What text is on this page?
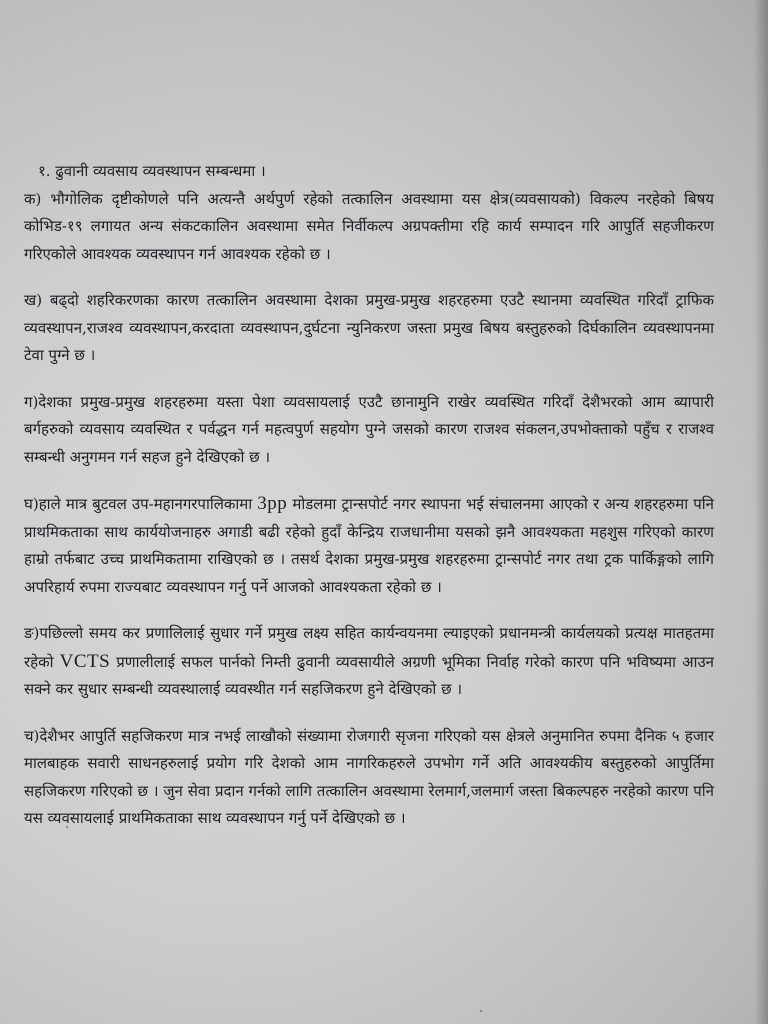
१. ढुवानी व्यवसाय व्यवस्थापन सम्बन्धमा ।

क) भौगोलिक दृष्टीकोणले पनि अत्यन्तै अर्थपुर्ण रहेको तत्कालिन अवस्थामा यस क्षेत्र(व्यवसायको) विकल्प नरहेको बिषय कोभिड-१९ लगायत अन्य संकटकालिन अवस्थामा समेत निर्वीकल्प अग्रपक्तीमा रहि कार्य सम्पादन गरि आपुर्ति सहजीकरण गरिएकोले आवश्यक व्यवस्थापन गर्न आवश्यक रहेको छ ।

ख) बढ्दो शहरिकरणका कारण तत्कालिन अवस्थामा देशका प्रमुख-प्रमुख शहरहरुमा एउटै स्थानमा व्यवस्थित गरिदाँ ट्राफिक व्यवस्थापन,राजश्व व्यवस्थापन,करदाता व्यवस्थापन,दुर्घटना न्युनिकरण जस्ता प्रमुख बिषय बस्तुहरुको दिर्घकालिन व्यवस्थापनमा टेवा पुग्ने छ ।

ग)देशका प्रमुख-प्रमुख शहरहरुमा यस्ता पेशा व्यवसायलाई एउटै छानामुनि राखेर व्यवस्थित गरिदाँ देशैभरको आम ब्यापारी बर्गहरुको व्यवसाय व्यवस्थित र पर्वद्धन गर्न महत्वपुर्ण सहयोग पुग्ने जसको कारण राजश्व संकलन,उपभोक्ताको पहुँच र राजश्व सम्बन्धी अनुगमन गर्न सहज हुने देखिएको छ ।

घ)हाले मात्र बुटवल उप-महानगरपालिकामा 3pp मोडलमा ट्रान्सपोर्ट नगर स्थापना भई संचालनमा आएको र अन्य शहरहरुमा पनि प्राथमिकताका साथ कार्ययोजनाहरु अगाडी बढी रहेको हुदाँ केन्द्रिय राजधानीमा यसको झनै आवश्यकता महशुस गरिएको कारण हाम्रो तर्फबाट उच्च प्राथमिकतामा राखिएको छ । तसर्थ देशका प्रमुख-प्रमुख शहरहरुमा ट्रान्सपोर्ट नगर तथा ट्रक पार्किङ्गको लागि अपरिहार्य रुपमा राज्यबाट व्यवस्थापन गर्नु पर्ने आजको आवश्यकता रहेको छ ।

ङ)पछिल्लो समय कर प्रणालिलाई सुधार गर्ने प्रमुख लक्ष्य सहित कार्यन्वयनमा ल्याइएको प्रधानमन्त्री कार्यलयको प्रत्यक्ष मातहतमा रहेको VCTS प्रणालीलाई सफल पार्नको निम्ती ढुवानी व्यवसायीले अग्रणी भूमिका निर्वाह गरेको कारण पनि भविष्यमा आउन सक्ने कर सुधार सम्बन्धी व्यवस्थालाई व्यवस्थीत गर्न सहजिकरण हुने देखिएको छ ।

च)देशैभर आपुर्ति सहजिकरण मात्र नभई लाखौको संख्यामा रोजगारी सृजना गरिएको यस क्षेत्रले अनुमानित रुपमा दैनिक ५ हजार मालबाहक सवारी साधनहरुलाई प्रयोग गरि देशको आम नागरिकहरुले उपभोग गर्ने अति आवश्यकीय बस्तुहरुको आपुर्तिमा सहजिकरण गरिएको छ । जुन सेवा प्रदान गर्नको लागि तत्कालिन अवस्थामा रेलमार्ग,जलमार्ग जस्ता बिकल्पहरु नरहेको कारण पनि यस व्यवसायलाई प्राथमिकताका साथ व्यवस्थापन गर्नु पर्ने देखिएको छ ।
